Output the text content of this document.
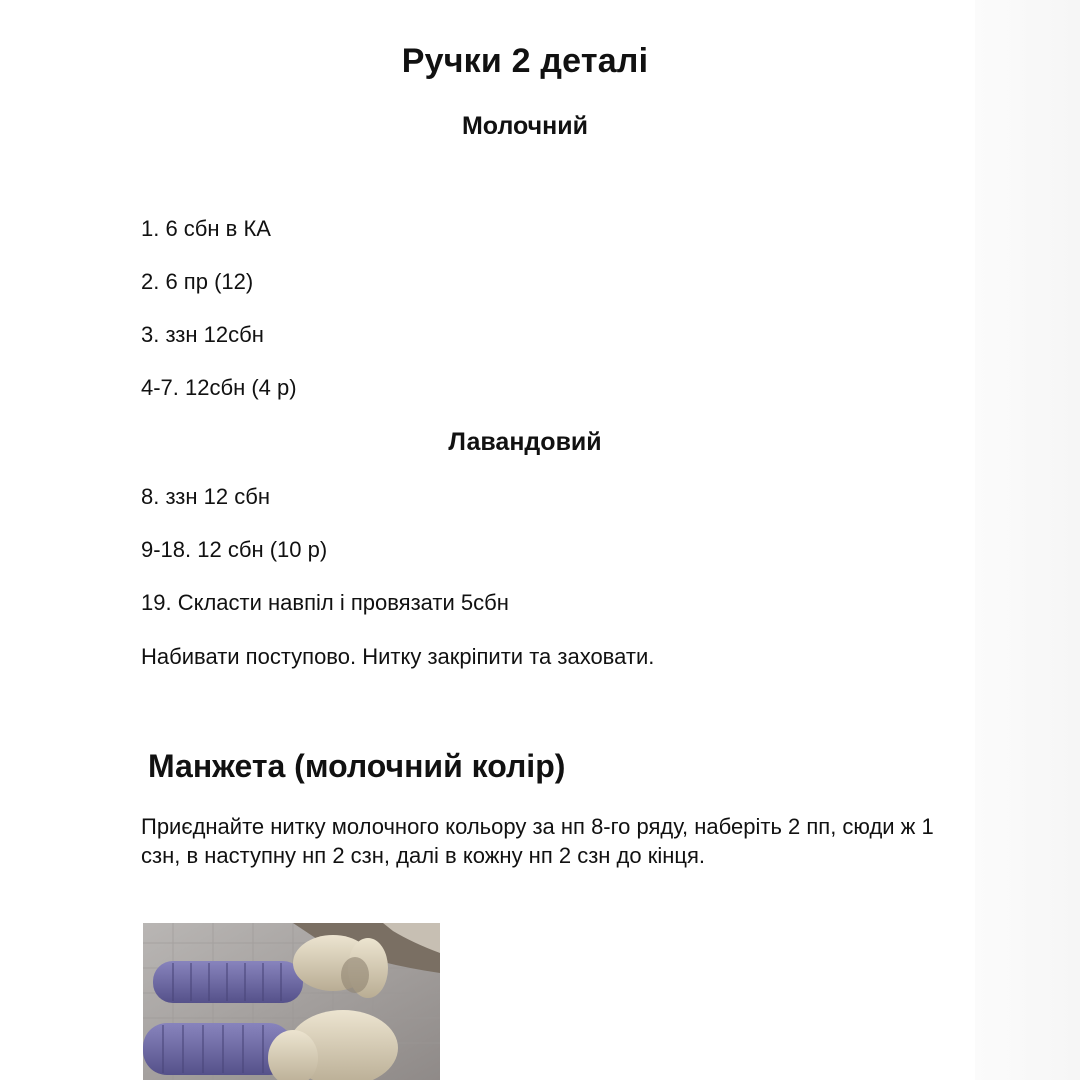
Ручки 2 деталі
Молочний
1. 6 сбн в КА
2. 6 пр (12)
3. ззн 12сбн
4-7. 12сбн (4 р)
Лавандовий
8. ззн 12 сбн
9-18. 12 сбн (10 р)
19. Скласти навпіл і провязати 5сбн
Набивати поступово. Нитку закріпити та заховати.
Манжета (молочний колір)
Приєднайте нитку молочного кольору за нп 8-го ряду, наберіть 2 пп, сюди ж 1 сзн, в наступну нп 2 сзн, далі в кожну нп 2 сзн до кінця.
